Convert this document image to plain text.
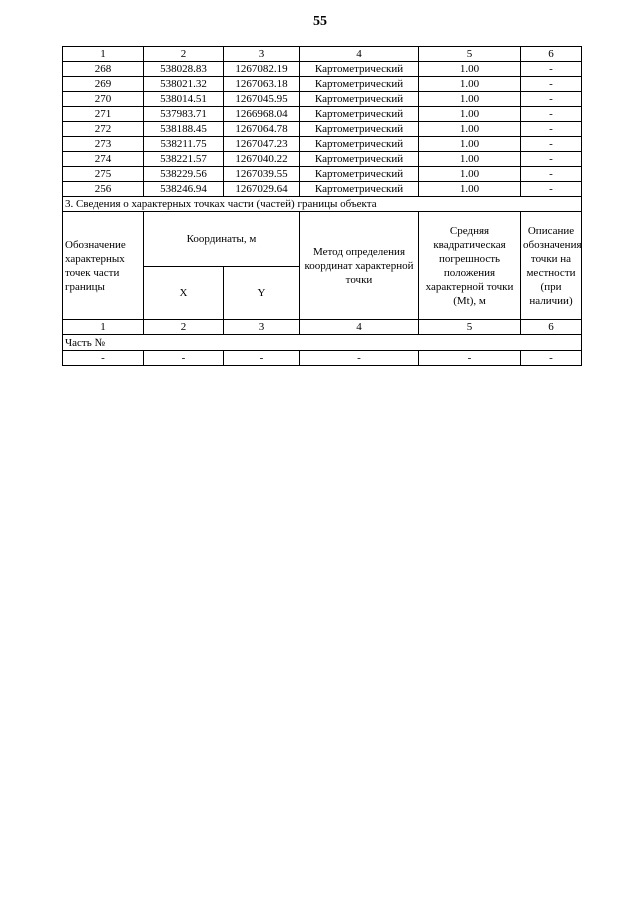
55
1	2	3	4	5	6
268	538028.83	1267082.19	Картометрический	1.00	-
269	538021.32	1267063.18	Картометрический	1.00	-
270	538014.51	1267045.95	Картометрический	1.00	-
271	537983.71	1266968.04	Картометрический	1.00	-
272	538188.45	1267064.78	Картометрический	1.00	-
273	538211.75	1267047.23	Картометрический	1.00	-
274	538221.57	1267040.22	Картометрический	1.00	-
275	538229.56	1267039.55	Картометрический	1.00	-
256	538246.94	1267029.64	Картометрический	1.00	-
3. Сведения о характерных точках части (частей) границы объекта					
Обозначение характерных точек части границы	Координаты, м		Метод определения координат характерной точки	Средняя квадратическая погрешность положения характерной точки (Мt), м	Описание обозначения точки на местности (при наличии)
	X	Y			
1	2	3	4	5	6
Часть №					
-	-	-	-	-	-
